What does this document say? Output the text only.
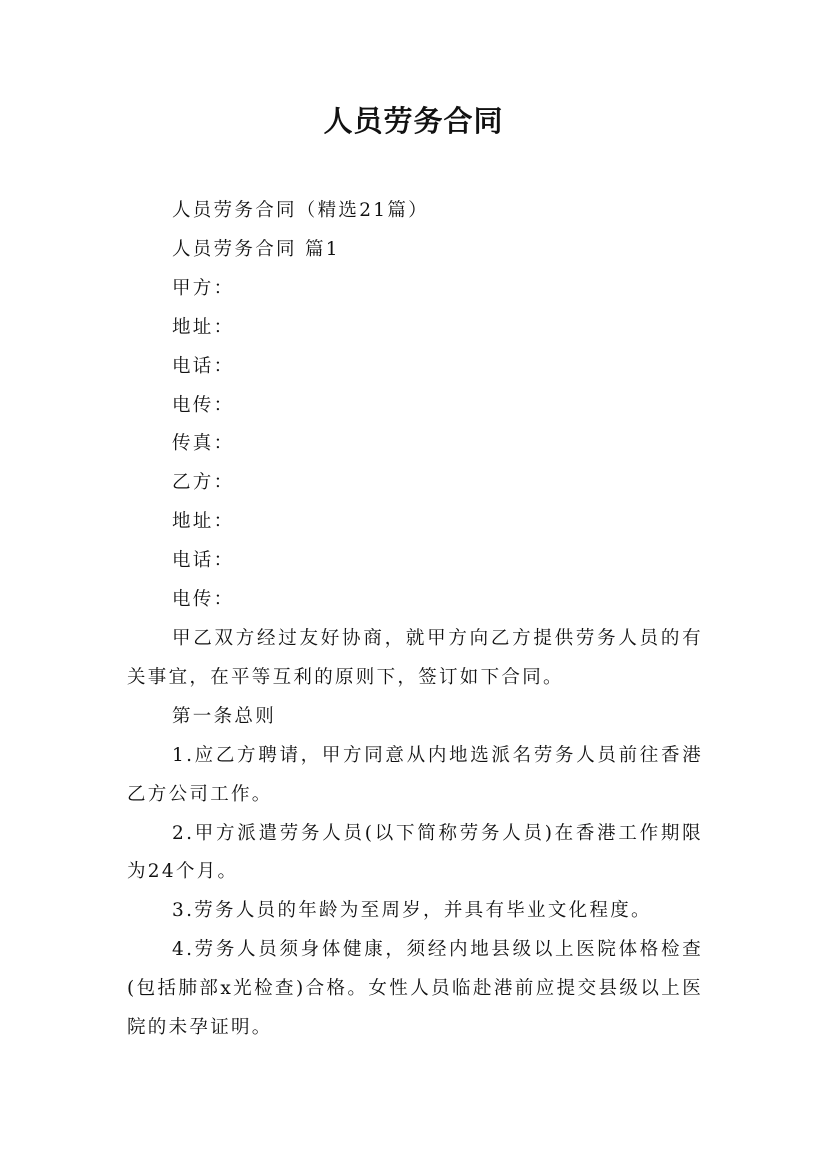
人员劳务合同

人员劳务合同（精选21篇）

人员劳务合同 篇1

甲方：

地址：

电话：

电传：

传真：

乙方：

地址：

电话：

电传：

甲乙双方经过友好协商，就甲方向乙方提供劳务人员的有关事宜，在平等互利的原则下，签订如下合同。

第一条总则

1.应乙方聘请，甲方同意从内地选派名劳务人员前往香港乙方公司工作。

2.甲方派遣劳务人员(以下简称劳务人员)在香港工作期限为24个月。

3.劳务人员的年龄为至周岁，并具有毕业文化程度。

4.劳务人员须身体健康，须经内地县级以上医院体格检查(包括肺部x光检查)合格。女性人员临赴港前应提交县级以上医院的未孕证明。
